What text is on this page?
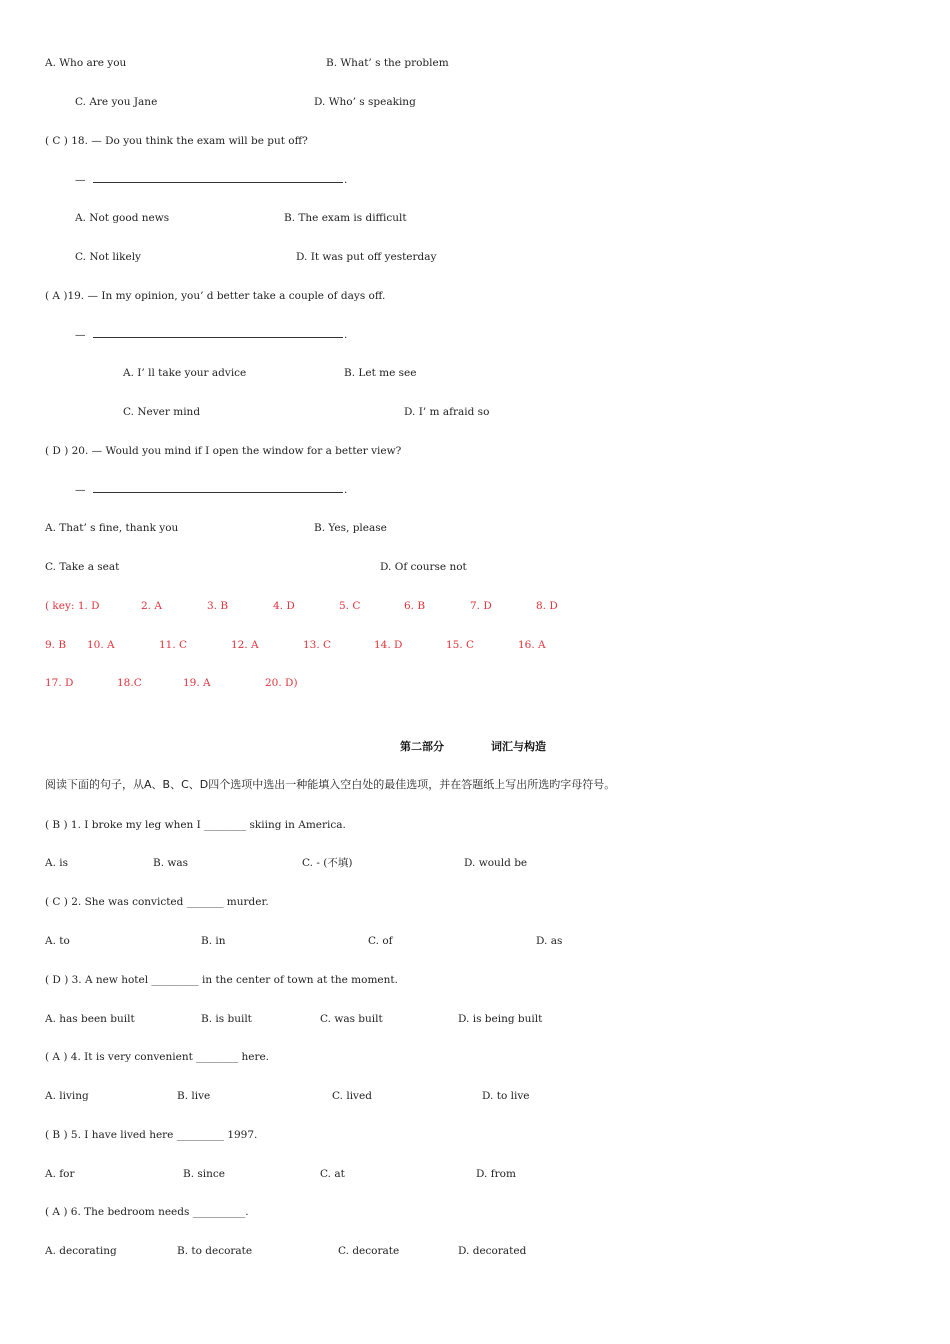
A. Who are you	B. What’ s the problem
C. Are you Jane	D. Who’ s speaking
( C ) 18. — Do you think the exam will be put off?
—	.
A. Not good news	B. The exam is difficult
C. Not likely	D. It was put off yesterday
( A )19. — In my opinion, you’ d better take a couple of days off.
—	.
A. I’ ll take your advice	B. Let me see
C. Never mind	D. I’ m afraid so
( D ) 20. — Would you mind if I open the window for a better view?
—	.
A. That’ s fine, thank you	B. Yes, please
C. Take a seat	D. Of course not
( key: 1. D	2. A	3. B	4. D	5. C	6. B	7. D	8. D
9. B 10. A	11. C	12. A	13. C	14. D	15. C	16. A
17. D	18.C	19. A	20. D)
第二部分	词汇与构造
阅读下面的句子，从A、B、C、D四个选项中选出一种能填入空白处的最佳选项，并在答题纸上写出所选旳字母符号。
( B ) 1. I broke my leg when I ________ skiing in America.
A. is	B. was	C. - (不填)	D. would be
( C ) 2. She was convicted _______ murder.
A. to	B. in	C. of	D. as
( D ) 3. A new hotel _________ in the center of town at the moment.
A. has been built	B. is built	C. was built	D. is being built
( A ) 4. It is very convenient ________ here.
A. living	B. live	C. lived	D. to live
( B ) 5. I have lived here _________ 1997.
A. for	B. since	C. at	D. from
( A ) 6. The bedroom needs __________.
A. decorating	B. to decorate	C. decorate	D. decorated
